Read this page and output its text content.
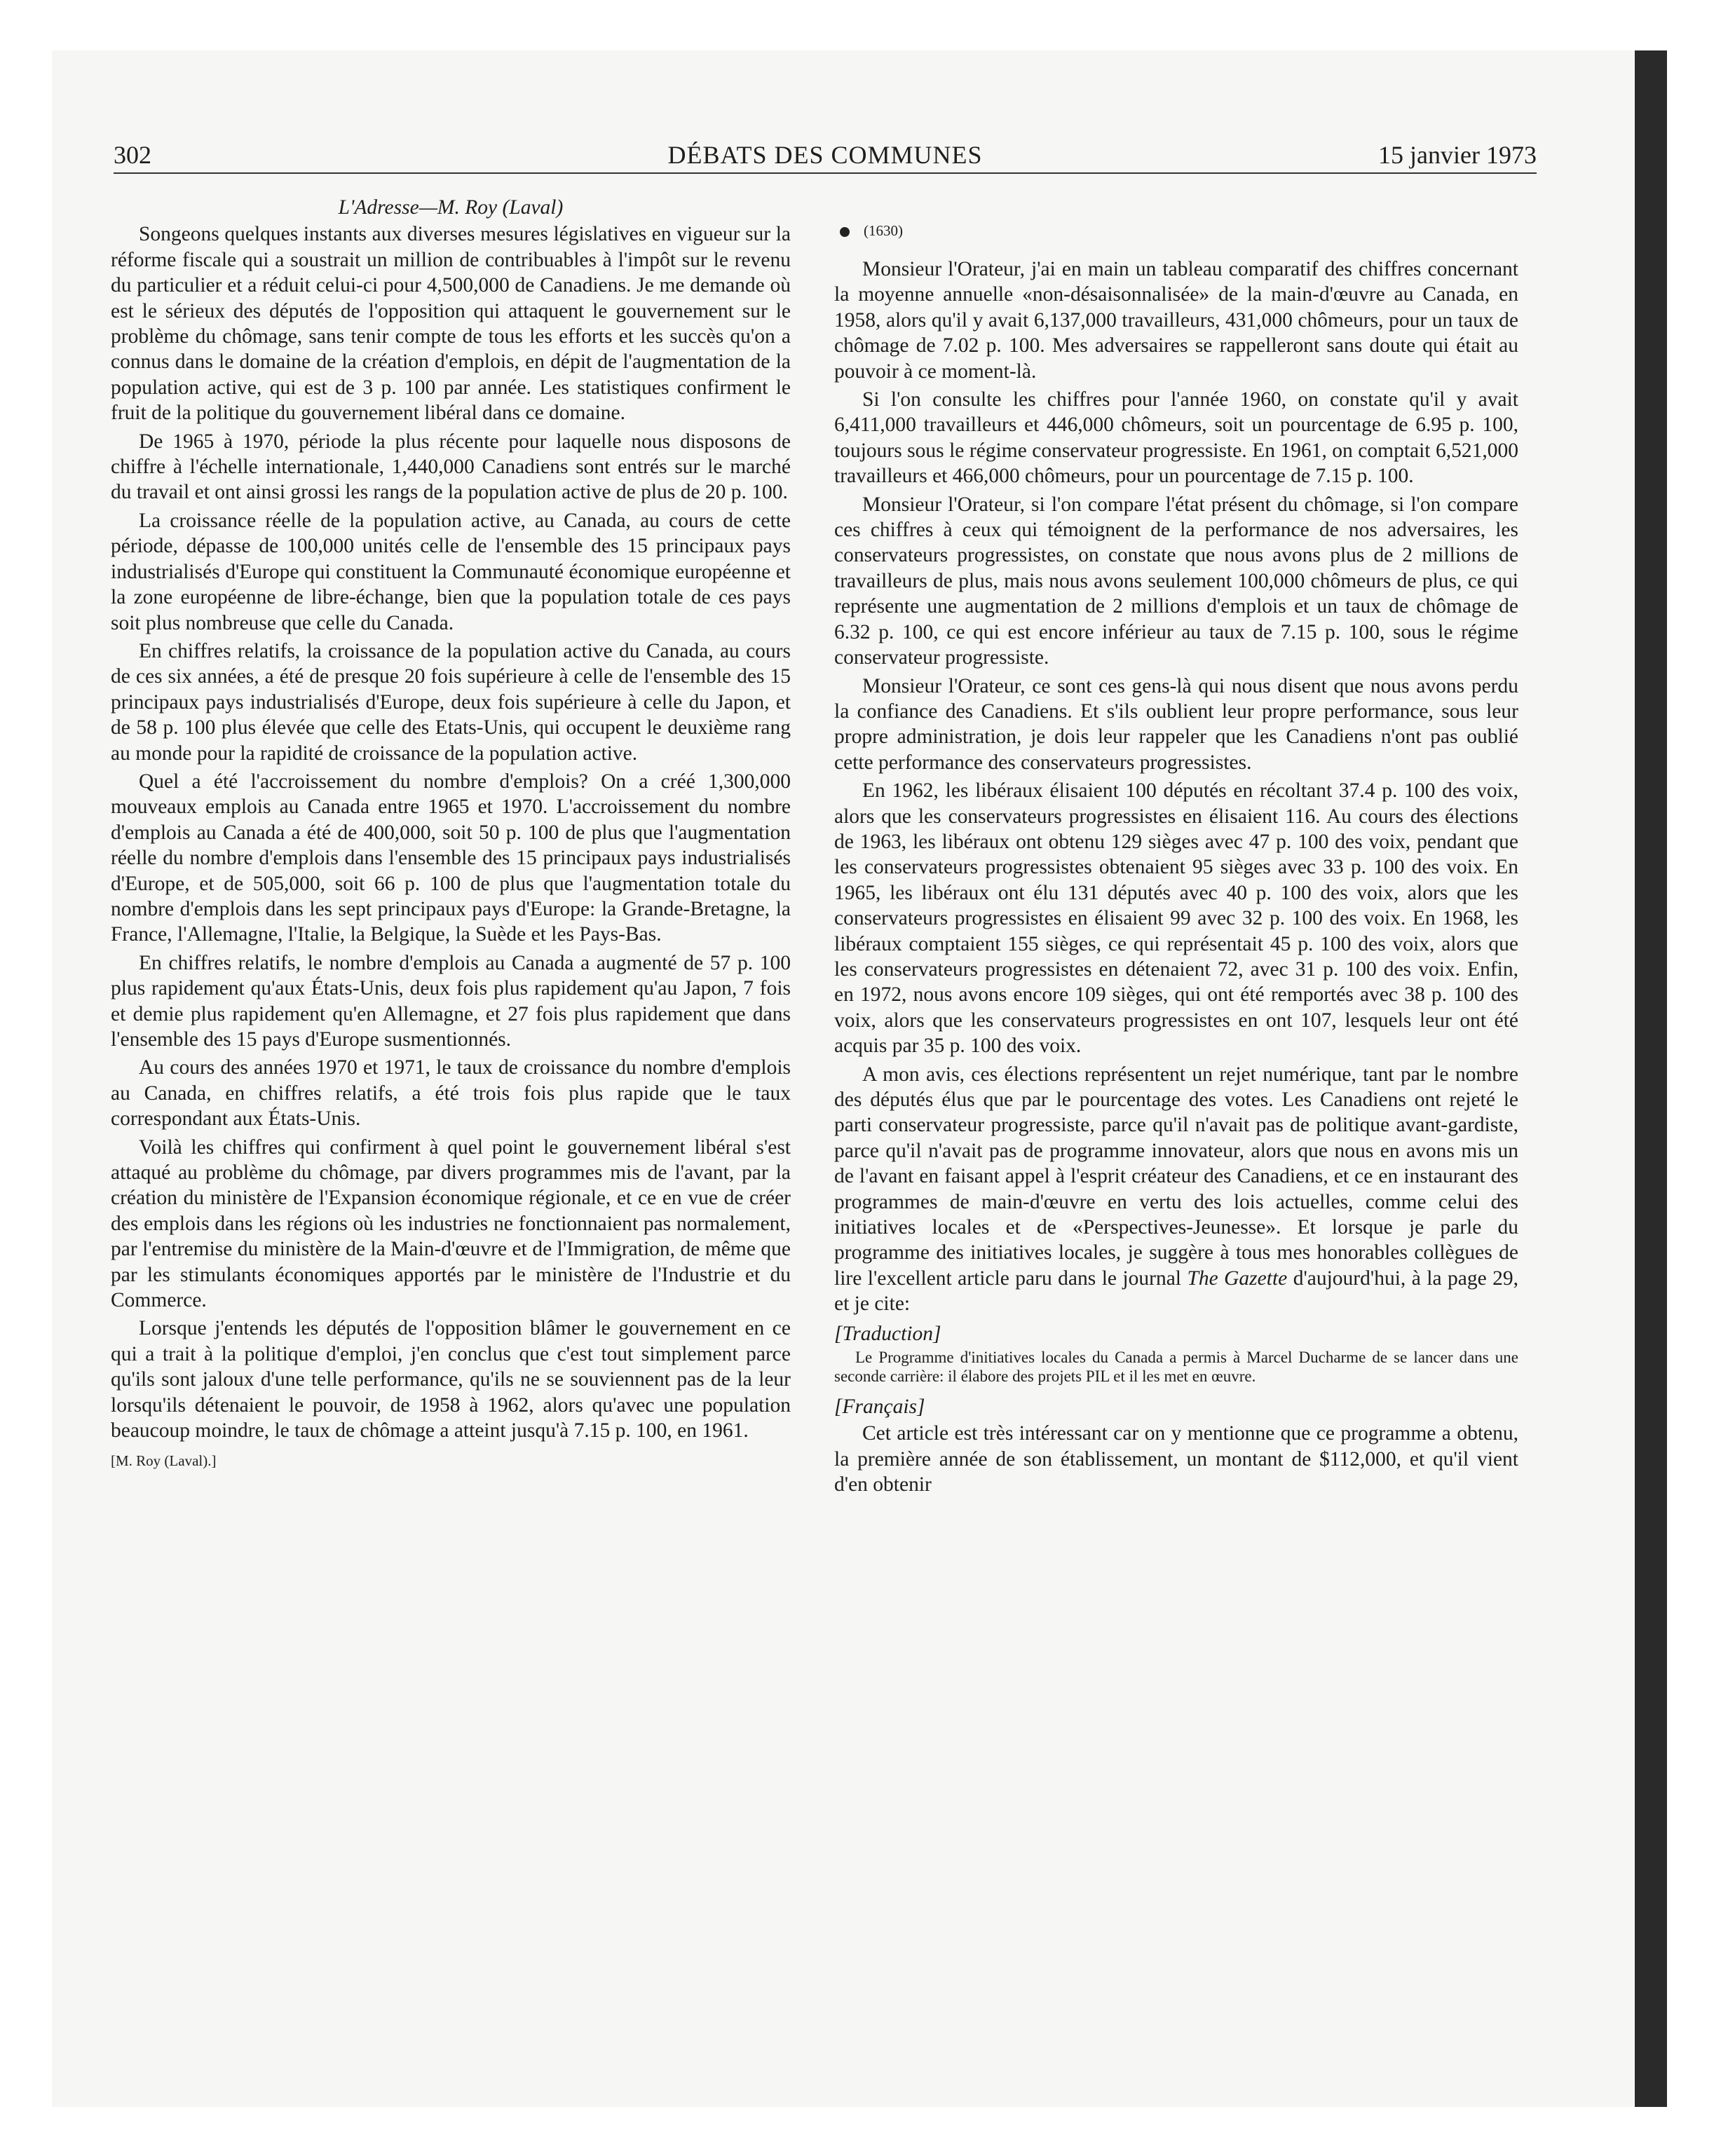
302	DÉBATS DES COMMUNES	15 janvier 1973
L'Adresse—M. Roy (Laval)

Songeons quelques instants aux diverses mesures législatives en vigueur sur la réforme fiscale qui a soustrait un million de contribuables à l'impôt sur le revenu du particulier et a réduit celui-ci pour 4,500,000 de Canadiens. Je me demande où est le sérieux des députés de l'opposition qui attaquent le gouvernement sur le problème du chômage, sans tenir compte de tous les efforts et les succès qu'on a connus dans le domaine de la création d'emplois, en dépit de l'augmentation de la population active, qui est de 3 p. 100 par année. Les statistiques confirment le fruit de la politique du gouvernement libéral dans ce domaine.

De 1965 à 1970, période la plus récente pour laquelle nous disposons de chiffre à l'échelle internationale, 1,440,000 Canadiens sont entrés sur le marché du travail et ont ainsi grossi les rangs de la population active de plus de 20 p. 100.

La croissance réelle de la population active, au Canada, au cours de cette période, dépasse de 100,000 unités celle de l'ensemble des 15 principaux pays industrialisés d'Europe qui constituent la Communauté économique européenne et la zone européenne de libre-échange, bien que la population totale de ces pays soit plus nombreuse que celle du Canada.

En chiffres relatifs, la croissance de la population active du Canada, au cours de ces six années, a été de presque 20 fois supérieure à celle de l'ensemble des 15 principaux pays industrialisés d'Europe, deux fois supérieure à celle du Japon, et de 58 p. 100 plus élevée que celle des Etats-Unis, qui occupent le deuxième rang au monde pour la rapidité de croissance de la population active.

Quel a été l'accroissement du nombre d'emplois? On a créé 1,300,000 mouveaux emplois au Canada entre 1965 et 1970. L'accroissement du nombre d'emplois au Canada a été de 400,000, soit 50 p. 100 de plus que l'augmentation réelle du nombre d'emplois dans l'ensemble des 15 principaux pays industrialisés d'Europe, et de 505,000, soit 66 p. 100 de plus que l'augmentation totale du nombre d'emplois dans les sept principaux pays d'Europe: la Grande-Bretagne, la France, l'Allemagne, l'Italie, la Belgique, la Suède et les Pays-Bas.

En chiffres relatifs, le nombre d'emplois au Canada a augmenté de 57 p. 100 plus rapidement qu'aux États-Unis, deux fois plus rapidement qu'au Japon, 7 fois et demie plus rapidement qu'en Allemagne, et 27 fois plus rapidement que dans l'ensemble des 15 pays d'Europe susmentionnés.

Au cours des années 1970 et 1971, le taux de croissance du nombre d'emplois au Canada, en chiffres relatifs, a été trois fois plus rapide que le taux correspondant aux États-Unis.

Voilà les chiffres qui confirment à quel point le gouvernement libéral s'est attaqué au problème du chômage, par divers programmes mis de l'avant, par la création du ministère de l'Expansion économique régionale, et ce en vue de créer des emplois dans les régions où les industries ne fonctionnaient pas normalement, par l'entremise du ministère de la Main-d'œuvre et de l'Immigration, de même que par les stimulants économiques apportés par le ministère de l'Industrie et du Commerce.

Lorsque j'entends les députés de l'opposition blâmer le gouvernement en ce qui a trait à la politique d'emploi, j'en conclus que c'est tout simplement parce qu'ils sont jaloux d'une telle performance, qu'ils ne se souviennent pas de la leur lorsqu'ils détenaient le pouvoir, de 1958 à 1962, alors qu'avec une population beaucoup moindre, le taux de chômage a atteint jusqu'à 7.15 p. 100, en 1961.

[M. Roy (Laval).]
(1630)

Monsieur l'Orateur, j'ai en main un tableau comparatif des chiffres concernant la moyenne annuelle «non-désaisonnalisée» de la main-d'œuvre au Canada, en 1958, alors qu'il y avait 6,137,000 travailleurs, 431,000 chômeurs, pour un taux de chômage de 7.02 p. 100. Mes adversaires se rappelleront sans doute qui était au pouvoir à ce moment-là.

Si l'on consulte les chiffres pour l'année 1960, on constate qu'il y avait 6,411,000 travailleurs et 446,000 chômeurs, soit un pourcentage de 6.95 p. 100, toujours sous le régime conservateur progressiste. En 1961, on comptait 6,521,000 travailleurs et 466,000 chômeurs, pour un pourcentage de 7.15 p. 100.

Monsieur l'Orateur, si l'on compare l'état présent du chômage, si l'on compare ces chiffres à ceux qui témoignent de la performance de nos adversaires, les conservateurs progressistes, on constate que nous avons plus de 2 millions de travailleurs de plus, mais nous avons seulement 100,000 chômeurs de plus, ce qui représente une augmentation de 2 millions d'emplois et un taux de chômage de 6.32 p. 100, ce qui est encore inférieur au taux de 7.15 p. 100, sous le régime conservateur progressiste.

Monsieur l'Orateur, ce sont ces gens-là qui nous disent que nous avons perdu la confiance des Canadiens. Et s'ils oublient leur propre performance, sous leur propre administration, je dois leur rappeler que les Canadiens n'ont pas oublié cette performance des conservateurs progressistes.

En 1962, les libéraux élisaient 100 députés en récoltant 37.4 p. 100 des voix, alors que les conservateurs progressistes en élisaient 116. Au cours des élections de 1963, les libéraux ont obtenu 129 sièges avec 47 p. 100 des voix, pendant que les conservateurs progressistes obtenaient 95 sièges avec 33 p. 100 des voix. En 1965, les libéraux ont élu 131 députés avec 40 p. 100 des voix, alors que les conservateurs progressistes en élisaient 99 avec 32 p. 100 des voix. En 1968, les libéraux comptaient 155 sièges, ce qui représentait 45 p. 100 des voix, alors que les conservateurs progressistes en détenaient 72, avec 31 p. 100 des voix. Enfin, en 1972, nous avons encore 109 sièges, qui ont été remportés avec 38 p. 100 des voix, alors que les conservateurs progressistes en ont 107, lesquels leur ont été acquis par 35 p. 100 des voix.

A mon avis, ces élections représentent un rejet numérique, tant par le nombre des députés élus que par le pourcentage des votes. Les Canadiens ont rejeté le parti conservateur progressiste, parce qu'il n'avait pas de politique avant-gardiste, parce qu'il n'avait pas de programme innovateur, alors que nous en avons mis un de l'avant en faisant appel à l'esprit créateur des Canadiens, et ce en instaurant des programmes de main-d'œuvre en vertu des lois actuelles, comme celui des initiatives locales et de «Perspectives-Jeunesse». Et lorsque je parle du programme des initiatives locales, je suggère à tous mes honorables collègues de lire l'excellent article paru dans le journal The Gazette d'aujourd'hui, à la page 29, et je cite:

[Traduction]
Le Programme d'initiatives locales du Canada a permis à Marcel Ducharme de se lancer dans une seconde carrière: il élabore des projets PIL et il les met en œuvre.
[Français]

Cet article est très intéressant car on y mentionne que ce programme a obtenu, la première année de son établissement, un montant de $112,000, et qu'il vient d'en obtenir
